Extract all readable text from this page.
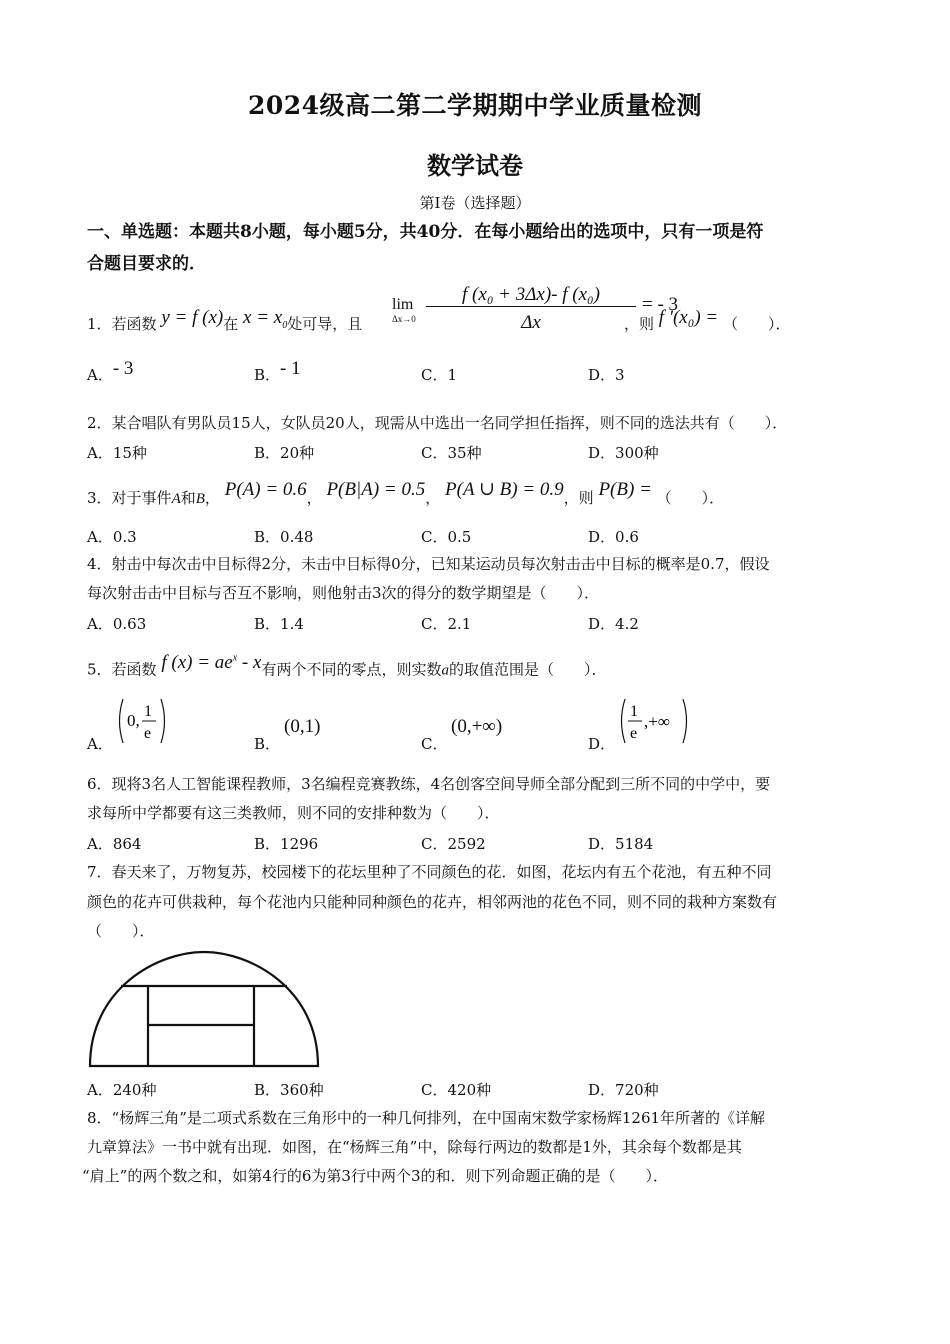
2024级高二第二学期期中学业质量检测
数学试卷
第Ⅰ卷（选择题）
一、单选题：本题共8小题，每小题5分，共40分．在每小题给出的选项中，只有一项是符
合题目要求的．
1．若函数 y = f (x)在 $x = x_0$处可导，且
lim
Δx→0
f (x₀ + 3Δx)- f (x₀)
Δx
= - 3
，则 f ′(x₀) = （　　）．
A．- 3	B．- 1	C．1	D．3
2．某合唱队有男队员15人，女队员20人，现需从中选出一名同学担任指挥，则不同的选法共有（　　）．
A．15种	B．20种	C．35种	D．300种
3．对于事件A和B， P(A) = 0.6， P(B|A) = 0.5， P(A ∪ B) = 0.9，则 P(B) = （　　）．
A．0.3	B．0.48	C．0.5	D．0.6
4．射击中每次击中目标得2分，未击中目标得0分，已知某运动员每次射击击中目标的概率是0.7，假设
每次射击击中目标与否互不影响，则他射击3次的得分的数学期望是（　　）．
A．0.63	B．1.4	C．2.1	D．4.2
5．若函数 f $(x) = ae^x - x$有两个不同的零点，则实数a的取值范围是（　　）．
A．
0, 1
e
B．
(0,1)
C．
(0,+∞)
D．
1
e
,+∞
6．现将3名人工智能课程教师，3名编程竞赛教练，4名创客空间导师全部分配到三所不同的中学中，要
求每所中学都要有这三类教师，则不同的安排种数为（　　）．
A．864	B．1296	C．2592	D．5184
7．春天来了，万物复苏，校园楼下的花坛里种了不同颜色的花．如图，花坛内有五个花池，有五种不同
颜色的花卉可供栽种，每个花池内只能种同种颜色的花卉，相邻两池的花色不同，则不同的栽种方案数有
（　　）．
A．240种	B．360种	C．420种	D．720种
8．“杨辉三角”是二项式系数在三角形中的一种几何排列，在中国南宋数学家杨辉1261年所著的《详解
九章算法》一书中就有出现．如图，在“杨辉三角”中，除每行两边的数都是1外，其余每个数都是其
“肩上”的两个数之和，如第4行的6为第3行中两个3的和．则下列命题正确的是（　　）．
